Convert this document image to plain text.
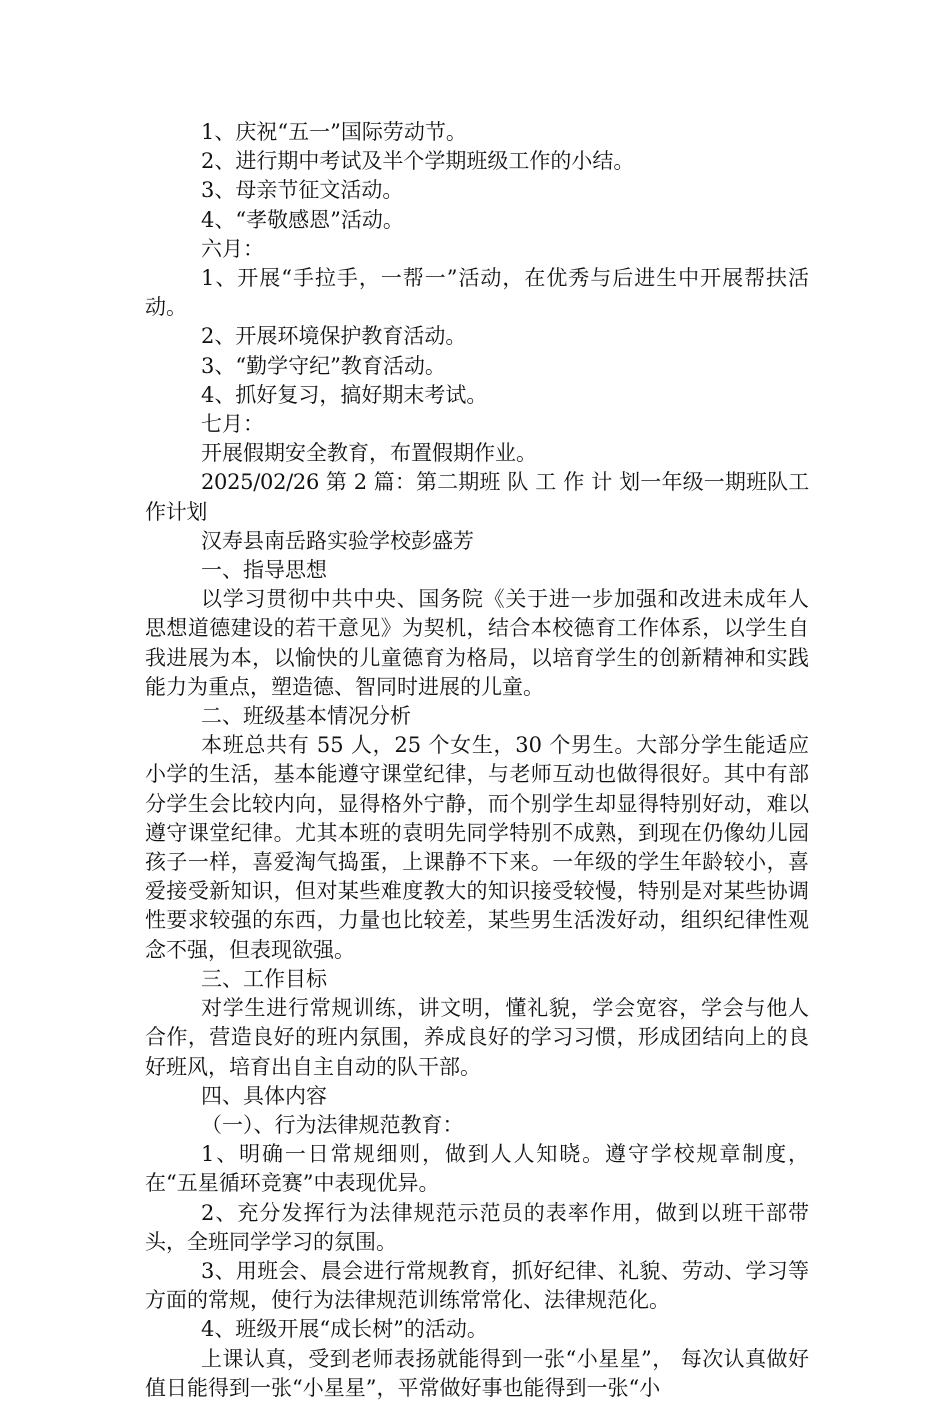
1、庆祝“五一”国际劳动节。

2、进行期中考试及半个学期班级工作的小结。

3、母亲节征文活动。

4、“孝敬感恩”活动。

六月：

1、开展“手拉手，一帮一”活动，在优秀与后进生中开展帮扶活动。

2、开展环境保护教育活动。

3、“勤学守纪”教育活动。

4、抓好复习，搞好期末考试。

七月：

开展假期安全教育，布置假期作业。

2025/02/26 第 2 篇：第二期班 队 工 作 计 划一年级一期班队工作计划

汉寿县南岳路实验学校彭盛芳

一、指导思想

以学习贯彻中共中央、国务院《关于进一步加强和改进未成年人思想道德建设的若干意见》为契机，结合本校德育工作体系，以学生自我进展为本，以愉快的儿童德育为格局，以培育学生的创新精神和实践能力为重点，塑造德、智同时进展的儿童。

二、班级基本情况分析

本班总共有 55 人，25 个女生，30 个男生。大部分学生能适应小学的生活，基本能遵守课堂纪律，与老师互动也做得很好。其中有部分学生会比较内向，显得格外宁静，而个别学生却显得特别好动，难以遵守课堂纪律。尤其本班的袁明先同学特别不成熟，到现在仍像幼儿园孩子一样，喜爱淘气捣蛋，上课静不下来。一年级的学生年龄较小，喜爱接受新知识，但对某些难度教大的知识接受较慢，特别是对某些协调性要求较强的东西，力量也比较差，某些男生活泼好动，组织纪律性观念不强，但表现欲强。

三、工作目标

对学生进行常规训练，讲文明，懂礼貌，学会宽容，学会与他人合作，营造良好的班内氛围，养成良好的学习习惯，形成团结向上的良好班风，培育出自主自动的队干部。

四、具体内容

（一）、行为法律规范教育：

1、明确一日常规细则，做到人人知晓。遵守学校规章制度，在“五星循环竞赛”中表现优异。

2、充分发挥行为法律规范示范员的表率作用，做到以班干部带头，全班同学学习的氛围。

3、用班会、晨会进行常规教育，抓好纪律、礼貌、劳动、学习等方面的常规，使行为法律规范训练常常化、法律规范化。

4、班级开展“成长树”的活动。

上课认真，受到老师表扬就能得到一张“小星星”， 每次认真做好值日能得到一张“小星星”，平常做好事也能得到一张“小
